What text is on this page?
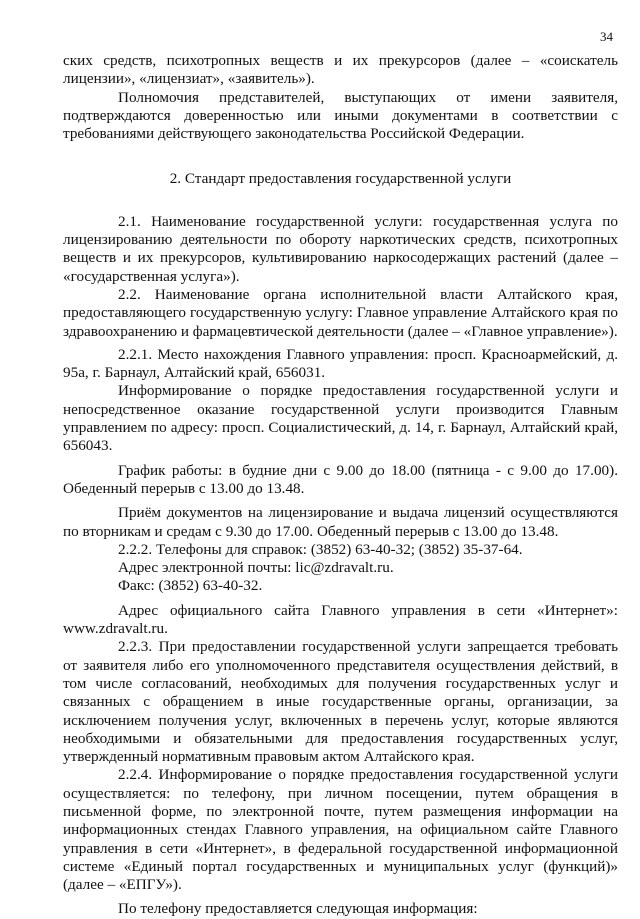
34

ских средств, психотропных веществ и их прекурсоров (далее – «соискатель лицензии», «лицензиат», «заявитель»).

Полномочия представителей, выступающих от имени заявителя, подтверждаются доверенностью или иными документами в соответствии с требованиями действующего законодательства Российской Федерации.

2. Стандарт предоставления государственной услуги

2.1. Наименование государственной услуги: государственная услуга по лицензированию деятельности по обороту наркотических средств, психотропных веществ и их прекурсоров, культивированию наркосодержащих растений (далее – «государственная услуга»).

2.2. Наименование органа исполнительной власти Алтайского края, предоставляющего государственную услугу: Главное управление Алтайского края по здравоохранению и фармацевтической деятельности (далее – «Главное управление»).

2.2.1. Место нахождения Главного управления: просп. Красноармейский, д. 95а, г. Барнаул, Алтайский край, 656031.

Информирование о порядке предоставления государственной услуги и непосредственное оказание государственной услуги производится Главным управлением по адресу: просп. Социалистический, д. 14, г. Барнаул, Алтайский край, 656043.

График работы: в будние дни с 9.00 до 18.00 (пятница - с 9.00 до 17.00). Обеденный перерыв с 13.00 до 13.48.

Приём документов на лицензирование и выдача лицензий осуществляются по вторникам и средам с 9.30 до 17.00. Обеденный перерыв с 13.00 до 13.48.

2.2.2. Телефоны для справок: (3852) 63-40-32; (3852) 35-37-64.

Адрес электронной почты: lic@zdravalt.ru.

Факс: (3852) 63-40-32.

Адрес официального сайта Главного управления в сети «Интернет»: www.zdravalt.ru.

2.2.3. При предоставлении государственной услуги запрещается требовать от заявителя либо его уполномоченного представителя осуществления действий, в том числе согласований, необходимых для получения государственных услуг и связанных с обращением в иные государственные органы, организации, за исключением получения услуг, включенных в перечень услуг, которые являются необходимыми и обязательными для предоставления государственных услуг, утвержденный нормативным правовым актом Алтайского края.

2.2.4. Информирование о порядке предоставления государственной услуги осуществляется: по телефону, при личном посещении, путем обращения в письменной форме, по электронной почте, путем размещения информации на информационных стендах Главного управления, на официальном сайте Главного управления в сети «Интернет», в федеральной государственной информационной системе «Единый портал государственных и муниципальных услуг (функций)» (далее – «ЕПГУ»).

По телефону предоставляется следующая информация:
